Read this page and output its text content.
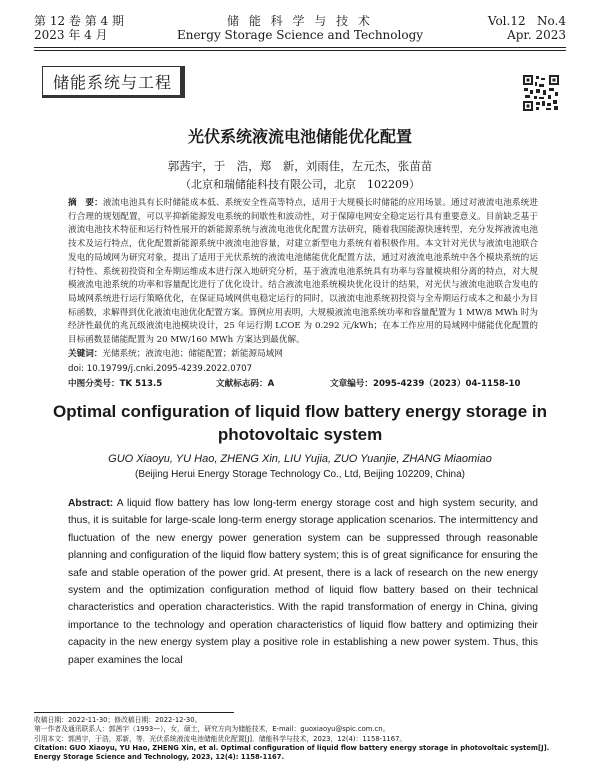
第 12 卷 第 4 期
2023 年 4 月
储 能 科 学 与 技 术
Energy Storage Science and Technology
Vol.12   No.4
Apr. 2023
储能系统与工程
光伏系统液流电池储能优化配置
郭茜宇，于　浩，郑　新，刘雨佳，左元杰，张苗苗
（北京和瑞储能科技有限公司，北京　102209）
摘　要：液流电池具有长时储能成本低、系统安全性高等特点，适用于大规模长时储能的应用场景。通过对液流电池系统进行合理的规划配置，可以平抑新能源发电系统的间歇性和波动性，对于保障电网安全稳定运行具有重要意义。目前缺乏基于液流电池技术特征和运行特性展开的新能源系统与液流电池优化配置方法研究，随着我国能源快速转型，充分发挥液流电池技术及运行特点，优化配置新能源系统中液流电池容量，对建立新型电力系统有着积极作用。本文针对光伏与液流电池联合发电的局域网为研究对象，提出了适用于光伏系统的液流电池储能优化配置方法，通过对液流电池系统中各个模块系统的运行特性、系统初投资和全寿期运维成本进行深入地研究分析，基于液流电池系统具有功率与容量模块相分离的特点，对大规模液流电池系统的功率和容量配比进行了优化设计。结合液流电池系统模块优化设计的结果，对光伏与液流电池联合发电的局域网系统进行运行策略优化，在保证局域网供电稳定运行的同时，以液流电池系统初投资与全寿期运行成本之和最小为目标函数，求解得到优化液流电池优化配置方案。算例应用表明，大规模液流电池系统功率和容量配置为 1 MW/8 MWh 时为经济性最优的兆瓦级液流电池模块设计，25 年运行期 LCOE 为 0.292 元/kWh；在本工作应用的局域网中储能优化配置的目标函数显储能配置为 20 MW/160 MWh 方案达到最优解。
关键词：光储系统；液流电池；储能配置；新能源局域网
doi: 10.19799/j.cnki.2095-4239.2022.0707
中图分类号：TK 513.5	文献标志码：A	文章编号：2095-4239（2023）04-1158-10
Optimal configuration of liquid flow battery energy storage in photovoltaic system
GUO Xiaoyu, YU Hao, ZHENG Xin, LIU Yujia, ZUO Yuanjie, ZHANG Miaomiao
(Beijing Herui Energy Storage Technology Co., Ltd, Beijing 102209, China)
Abstract: A liquid flow battery has low long-term energy storage cost and high system security, and thus, it is suitable for large-scale long-term energy storage application scenarios. The intermittency and fluctuation of the new energy power generation system can be suppressed through reasonable planning and configuration of the liquid flow battery system; this is of great significance for ensuring the safe and stable operation of the power grid. At present, there is a lack of research on the new energy system and the optimization configuration method of liquid flow battery based on their technical characteristics and operation characteristics. With the rapid transformation of energy in China, giving importance to the technology and operation characteristics of liquid flow battery and optimizing their capacity in the new energy system play a positive role in establishing a new power system. Thus, this paper examines the local
收稿日期：2022-11-30；修改稿日期：2022-12-30。
第一作者及通讯联系人：郭茜宇（1993—），女，硕士，研究方向为储能技术，E-mail：guoxiaoyu@spic.com.cn。
引用本文：郭茜宇，于浩，郑新，等．光伏系统液流电池储能优化配置[J]．储能科学与技术，2023，12(4)：1158-1167。
Citation: GUO Xiaoyu, YU Hao, ZHENG Xin, et al. Optimal configuration of liquid flow battery energy storage in photovoltaic system[J]. Energy Storage Science and Technology, 2023, 12(4): 1158-1167.
